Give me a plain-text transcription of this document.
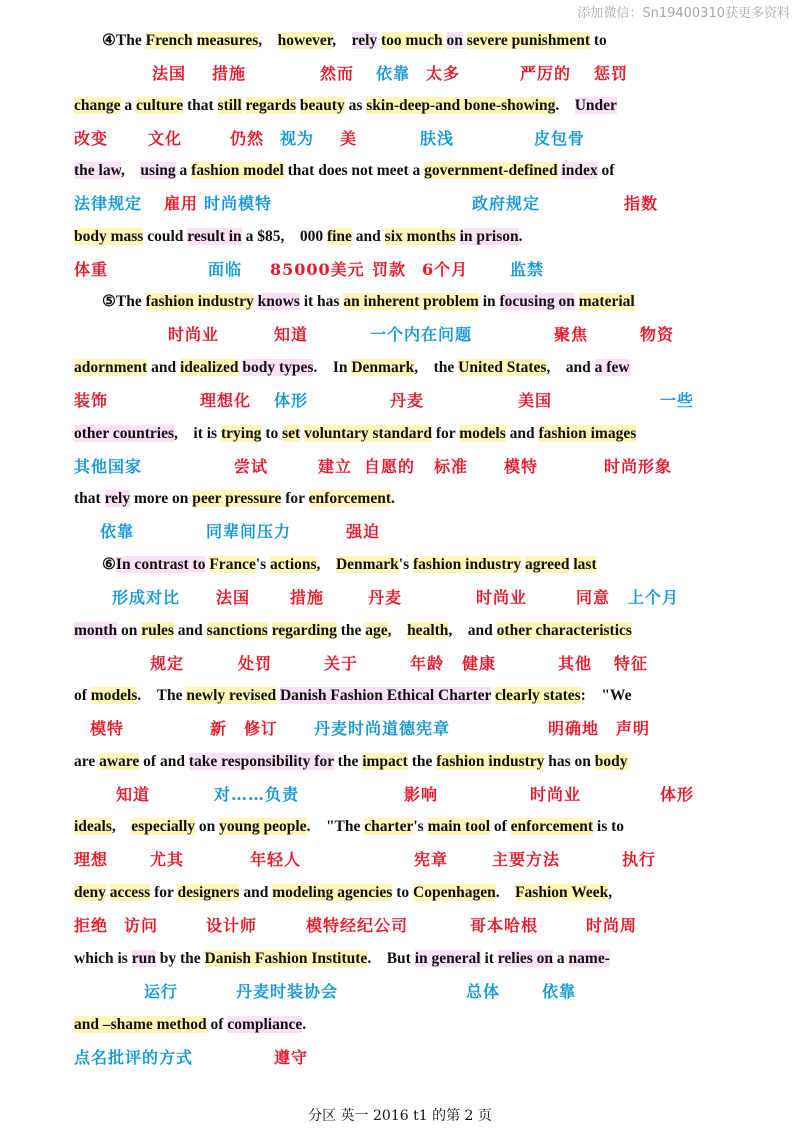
添加微信：Sn19400310获更多资料
④The French measures,　however,　rely too much on severe punishment to
法国 措施	然而 依靠 太多	严厉的 惩罚
change a culture that still regards beauty as skin-deep-and bone-showing.　Under
改变 文化	仍然 视为 美	肤浅	皮包骨
the law,　using a fashion model that does not meet a government-defined index of
法律规定 雇用 时尚模特	政府规定	指数
body mass could result in a $85,　000 fine and six months in prison.
体重	面临 85000美元 罚款 6个月	监禁
⑤The fashion industry knows it has an inherent problem in focusing on material
时尚业	知道	一个内在问题	聚焦	物资
adornment and idealized body types.　In Denmark,　the United States,　and a few
装饰	理想化 体形	丹麦	美国	一些
other countries,　it is trying to set voluntary standard for models and fashion images
其他国家	尝试	建立 自愿的 标准 模特	时尚形象
that rely more on peer pressure for enforcement.
依靠	同辈间压力	强迫
⑥In contrast to France's actions,　Denmark's fashion industry agreed last
形成对比 法国 措施	丹麦	时尚业	同意 上个月
month on rules and sanctions regarding the age,　health,　and other characteristics
规定	处罚	关于	年龄 健康	其他 特征
of models.　The newly revised Danish Fashion Ethical Charter clearly states:　"We
模特	新 修订 丹麦时尚道德宪章	明确地 声明
are aware of and take responsibility for the impact the fashion industry has on body
知道	对……负责	影响	时尚业	体形
ideals,　especially on young people.　"The charter's main tool of enforcement is to
理想	尤其	年轻人	宪章	主要方法	执行
deny access for designers and modeling agencies to Copenhagen.　Fashion Week,
拒绝 访问	设计师	模特经纪公司	哥本哈根	时尚周
which is run by the Danish Fashion Institute.　But in general it relies on a name-
运行	丹麦时装协会	总体	依靠
and –shame method of compliance.
点名批评的方式	遵守
分区 英一 2016 t1 的第 2 页
